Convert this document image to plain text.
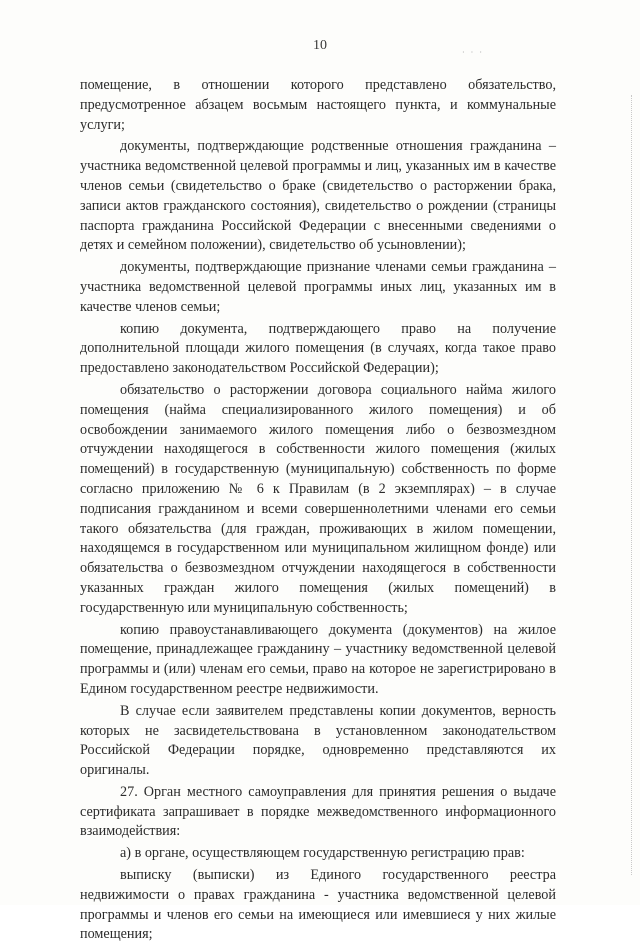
10	· · ·

помещение, в отношении которого представлено обязательство, предусмотренное абзацем восьмым настоящего пункта, и коммунальные услуги;

документы, подтверждающие родственные отношения гражданина – участника ведомственной целевой программы и лиц, указанных им в качестве членов семьи (свидетельство о браке (свидетельство о расторжении брака, записи актов гражданского состояния), свидетельство о рождении (страницы паспорта гражданина Российской Федерации с внесенными сведениями о детях и семейном положении), свидетельство об усыновлении);

документы, подтверждающие признание членами семьи гражданина – участника ведомственной целевой программы иных лиц, указанных им в качестве членов семьи;

копию документа, подтверждающего право на получение дополнительной площади жилого помещения (в случаях, когда такое право предоставлено законодательством Российской Федерации);

обязательство о расторжении договора социального найма жилого помещения (найма специализированного жилого помещения) и об освобождении занимаемого жилого помещения либо о безвозмездном отчуждении находящегося в собственности жилого помещения (жилых помещений) в государственную (муниципальную) собственность по форме согласно приложению № 6 к Правилам (в 2 экземплярах) – в случае подписания гражданином и всеми совершеннолетними членами его семьи такого обязательства (для граждан, проживающих в жилом помещении, находящемся в государственном или муниципальном жилищном фонде) или обязательства о безвозмездном отчуждении находящегося в собственности указанных граждан жилого помещения (жилых помещений) в государственную или муниципальную собственность;

копию правоустанавливающего документа (документов) на жилое помещение, принадлежащее гражданину – участнику ведомственной целевой программы и (или) членам его семьи, право на которое не зарегистрировано в Едином государственном реестре недвижимости.

В случае если заявителем представлены копии документов, верность которых не засвидетельствована в установленном законодательством Российской Федерации порядке, одновременно представляются их оригиналы.

27. Орган местного самоуправления для принятия решения о выдаче сертификата запрашивает в порядке межведомственного информационного взаимодействия:

а) в органе, осуществляющем государственную регистрацию прав:

выписку (выписки) из Единого государственного реестра недвижимости о правах гражданина - участника ведомственной целевой программы и членов его семьи на имеющиеся или имевшиеся у них жилые помещения;
